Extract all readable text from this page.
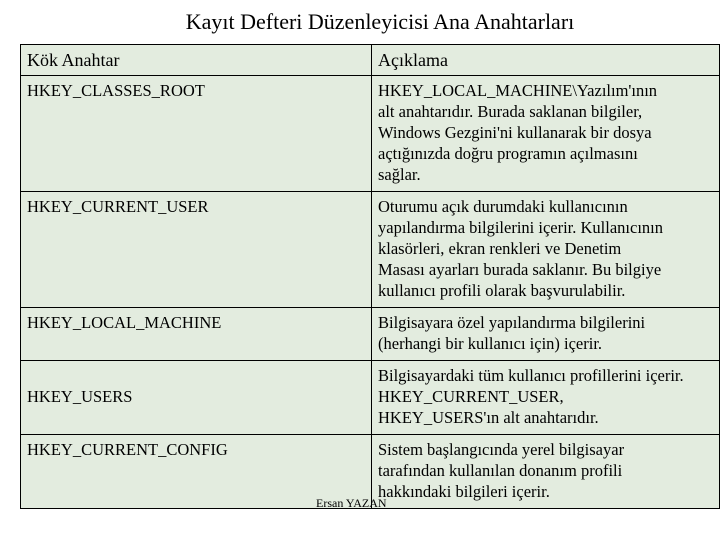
Kayıt Defteri Düzenleyicisi Ana Anahtarları
Kök Anahtar	Açıklama
HKEY_CLASSES_ROOT	HKEY_LOCAL_MACHINE\Yazılım'ının
alt anahtarıdır. Burada saklanan bilgiler,
Windows Gezgini'ni kullanarak bir dosya
açtığınızda doğru programın açılmasını
sağlar.

HKEY_CURRENT_USER	Oturumu açık durumdaki kullanıcının
yapılandırma bilgilerini içerir. Kullanıcının
klasörleri, ekran renkleri ve Denetim
Masası ayarları burada saklanır. Bu bilgiye
kullanıcı profili olarak başvurulabilir.

HKEY_LOCAL_MACHINE	Bilgisayara özel yapılandırma bilgilerini
(herhangi bir kullanıcı için) içerir.

HKEY_USERS	Bilgisayardaki tüm kullanıcı profillerini içerir.
HKEY_CURRENT_USER,
HKEY_USERS'ın alt anahtarıdır.

HKEY_CURRENT_CONFIG	Sistem başlangıcında yerel bilgisayar
tarafından kullanılan donanım profili
hakkındaki bilgileri içerir.
Ersan YAZAN
